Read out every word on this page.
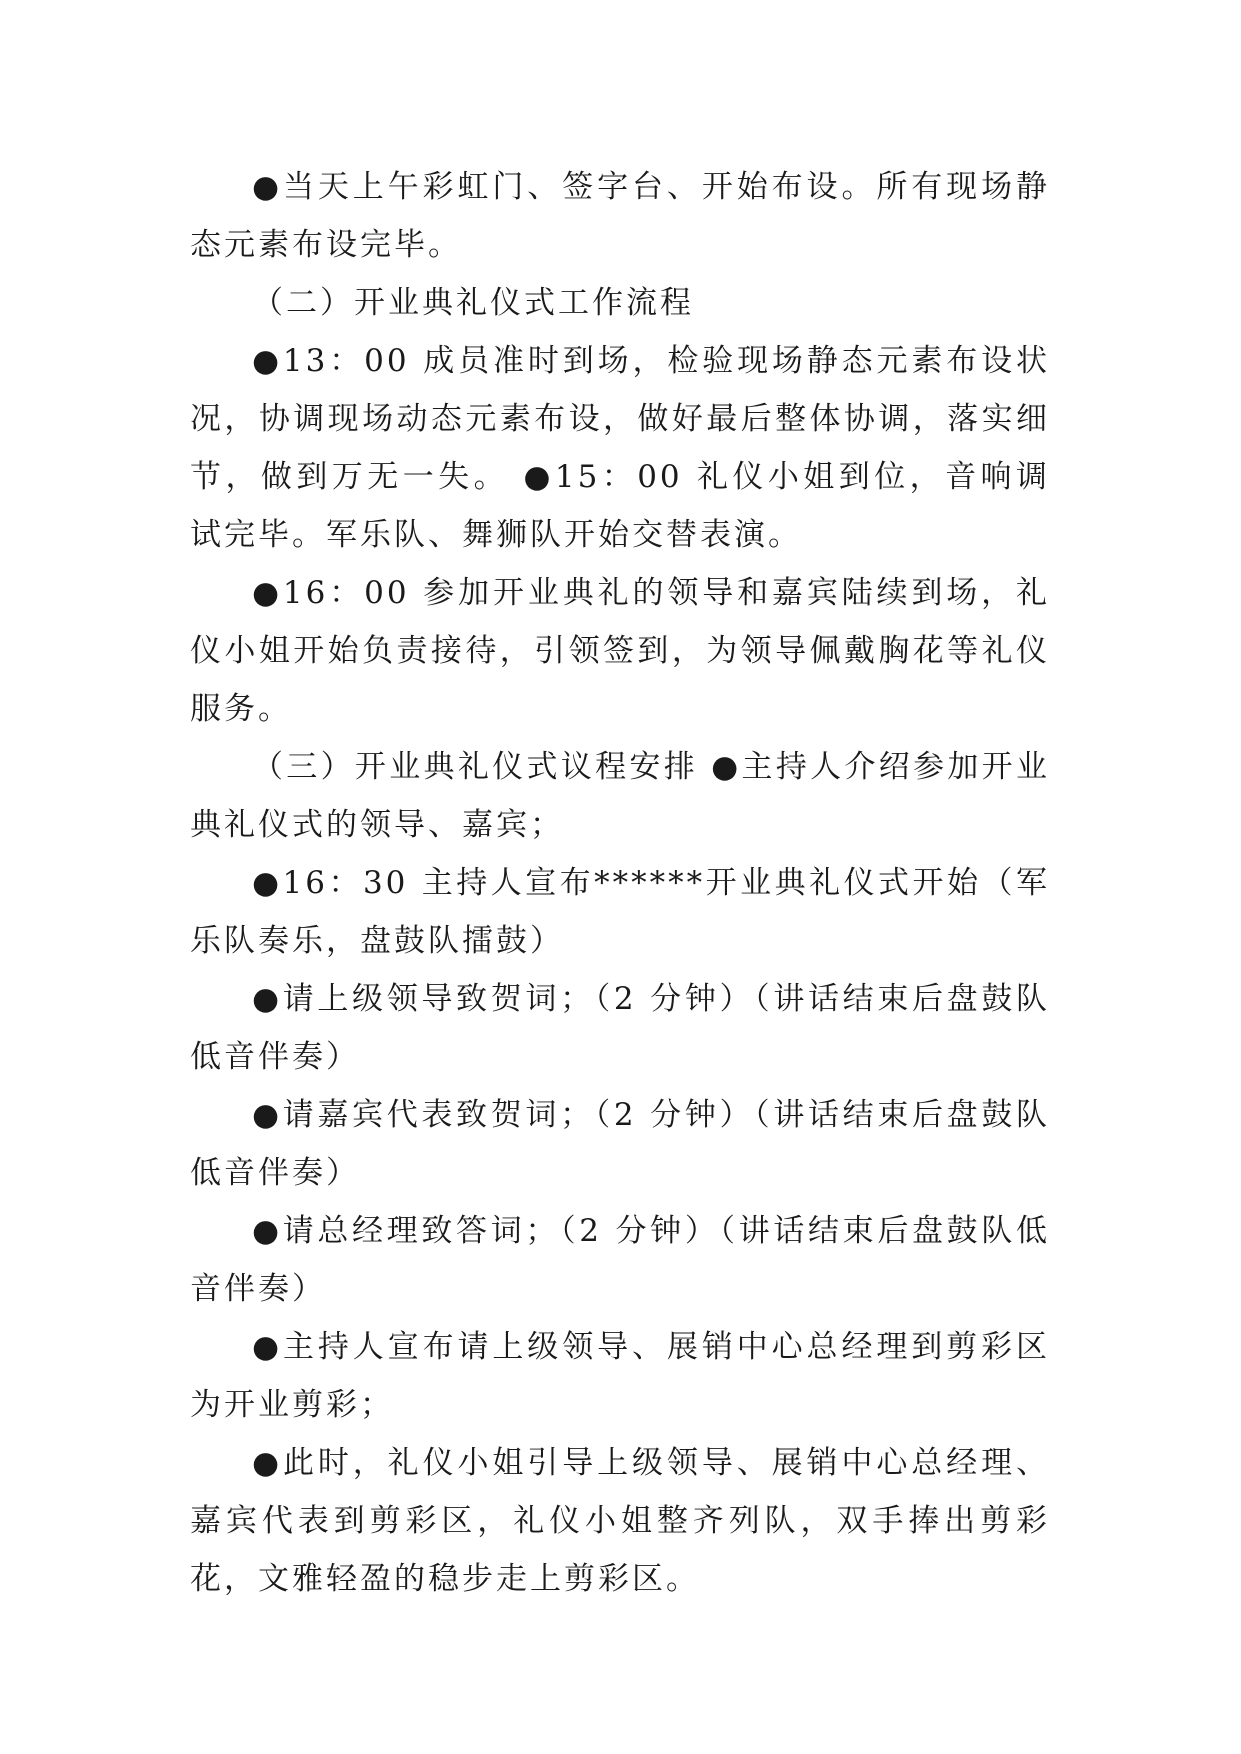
●当天上午彩虹门、签字台、开始布设。所有现场静态元素布设完毕。

（二）开业典礼仪式工作流程

●13：00 成员准时到场，检验现场静态元素布设状况，协调现场动态元素布设，做好最后整体协调，落实细节，做到万无一失。 ●15：00 礼仪小姐到位，音响调试完毕。军乐队、舞狮队开始交替表演。

●16：00 参加开业典礼的领导和嘉宾陆续到场，礼仪小姐开始负责接待，引领签到，为领导佩戴胸花等礼仪服务。

（三）开业典礼仪式议程安排 ●主持人介绍参加开业典礼仪式的领导、嘉宾；

●16：30 主持人宣布******开业典礼仪式开始（军乐队奏乐，盘鼓队擂鼓）

●请上级领导致贺词；（2 分钟）（讲话结束后盘鼓队低音伴奏）

●请嘉宾代表致贺词；（2 分钟）（讲话结束后盘鼓队低音伴奏）

●请总经理致答词；（2 分钟）（讲话结束后盘鼓队低音伴奏）

●主持人宣布请上级领导、展销中心总经理到剪彩区为开业剪彩；

●此时，礼仪小姐引导上级领导、展销中心总经理、嘉宾代表到剪彩区，礼仪小姐整齐列队，双手捧出剪彩花，文雅轻盈的稳步走上剪彩区。
